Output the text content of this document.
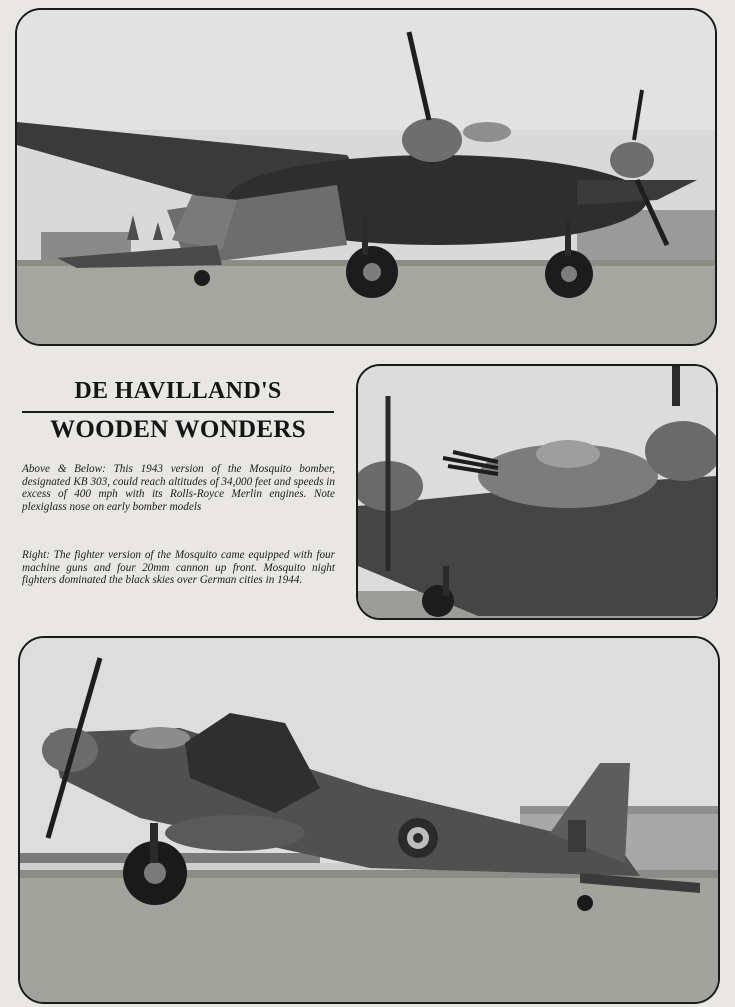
DE HAVILLAND'S
WOODEN WONDERS

Above & Below: This 1943 version of the Mosquito bomber, designated KB 303, could reach altitudes of 34,000 feet and speeds in excess of 400 mph with its Rolls-Royce Merlin engines. Note plexiglass nose on early bomber models

Right: The fighter version of the Mosquito came equipped with four machine guns and four 20mm cannon up front. Mosquito night fighters dominated the black skies over German cities in 1944.
